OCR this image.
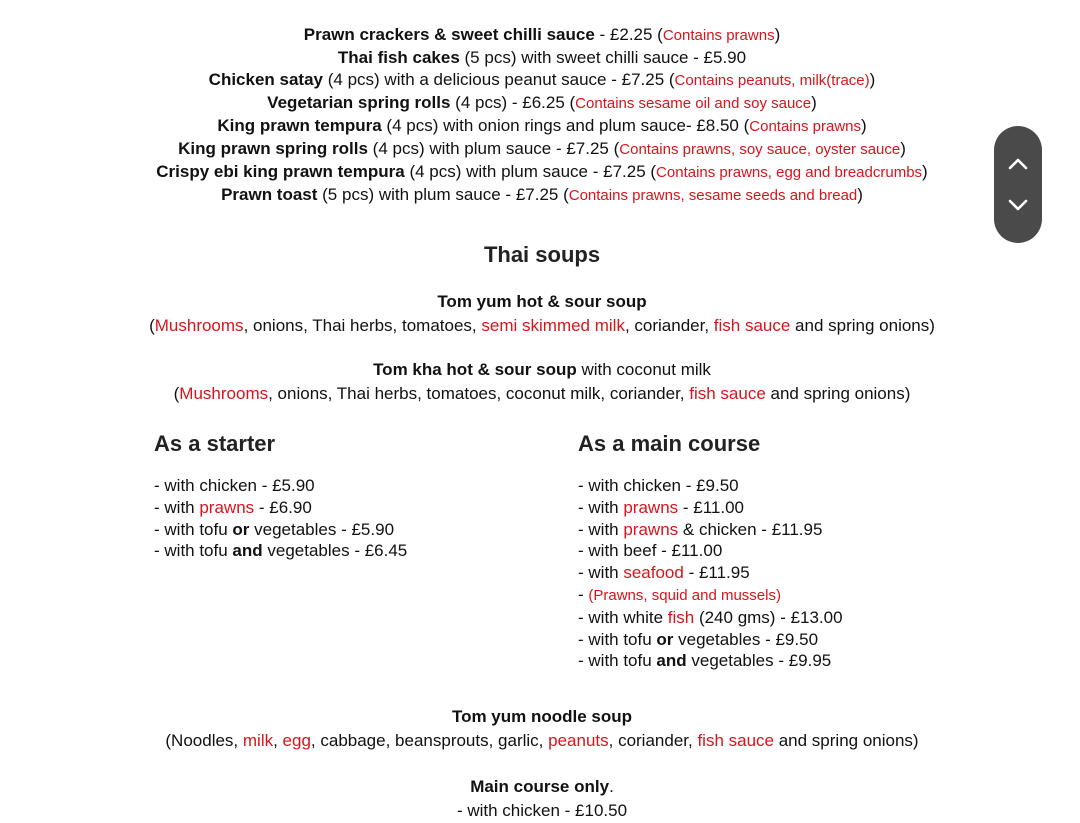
Prawn crackers & sweet chilli sauce - £2.25 (Contains prawns)
Thai fish cakes (5 pcs) with sweet chilli sauce - £5.90
Chicken satay (4 pcs) with a delicious peanut sauce - £7.25 (Contains peanuts, milk(trace))
Vegetarian spring rolls (4 pcs) - £6.25 (Contains sesame oil and soy sauce)
King prawn tempura (4 pcs) with onion rings and plum sauce- £8.50 (Contains prawns)
King prawn spring rolls (4 pcs) with plum sauce - £7.25 (Contains prawns, soy sauce, oyster sauce)
Crispy ebi king prawn tempura (4 pcs) with plum sauce - £7.25 (Contains prawns, egg and breadcrumbs)
Prawn toast (5 pcs) with plum sauce - £7.25 (Contains prawns, sesame seeds and bread)
Thai soups
Tom yum hot & sour soup
(Mushrooms, onions, Thai herbs, tomatoes, semi skimmed milk, coriander, fish sauce and spring onions)
Tom kha hot & sour soup with coconut milk
(Mushrooms, onions, Thai herbs, tomatoes, coconut milk, coriander, fish sauce and spring onions)
As a starter
- with chicken - £5.90
- with prawns - £6.90
- with tofu or vegetables - £5.90
- with tofu and vegetables - £6.45
As a main course
- with chicken - £9.50
- with prawns - £11.00
- with prawns & chicken - £11.95
- with beef - £11.00
- with seafood - £11.95
- (Prawns, squid and mussels)
- with white fish (240 gms) - £13.00
- with tofu or vegetables - £9.50
- with tofu and vegetables - £9.95
Tom yum noodle soup
(Noodles, milk, egg, cabbage, beansprouts, garlic, peanuts, coriander, fish sauce and spring onions)
Main course only.
- with chicken - £10.50
